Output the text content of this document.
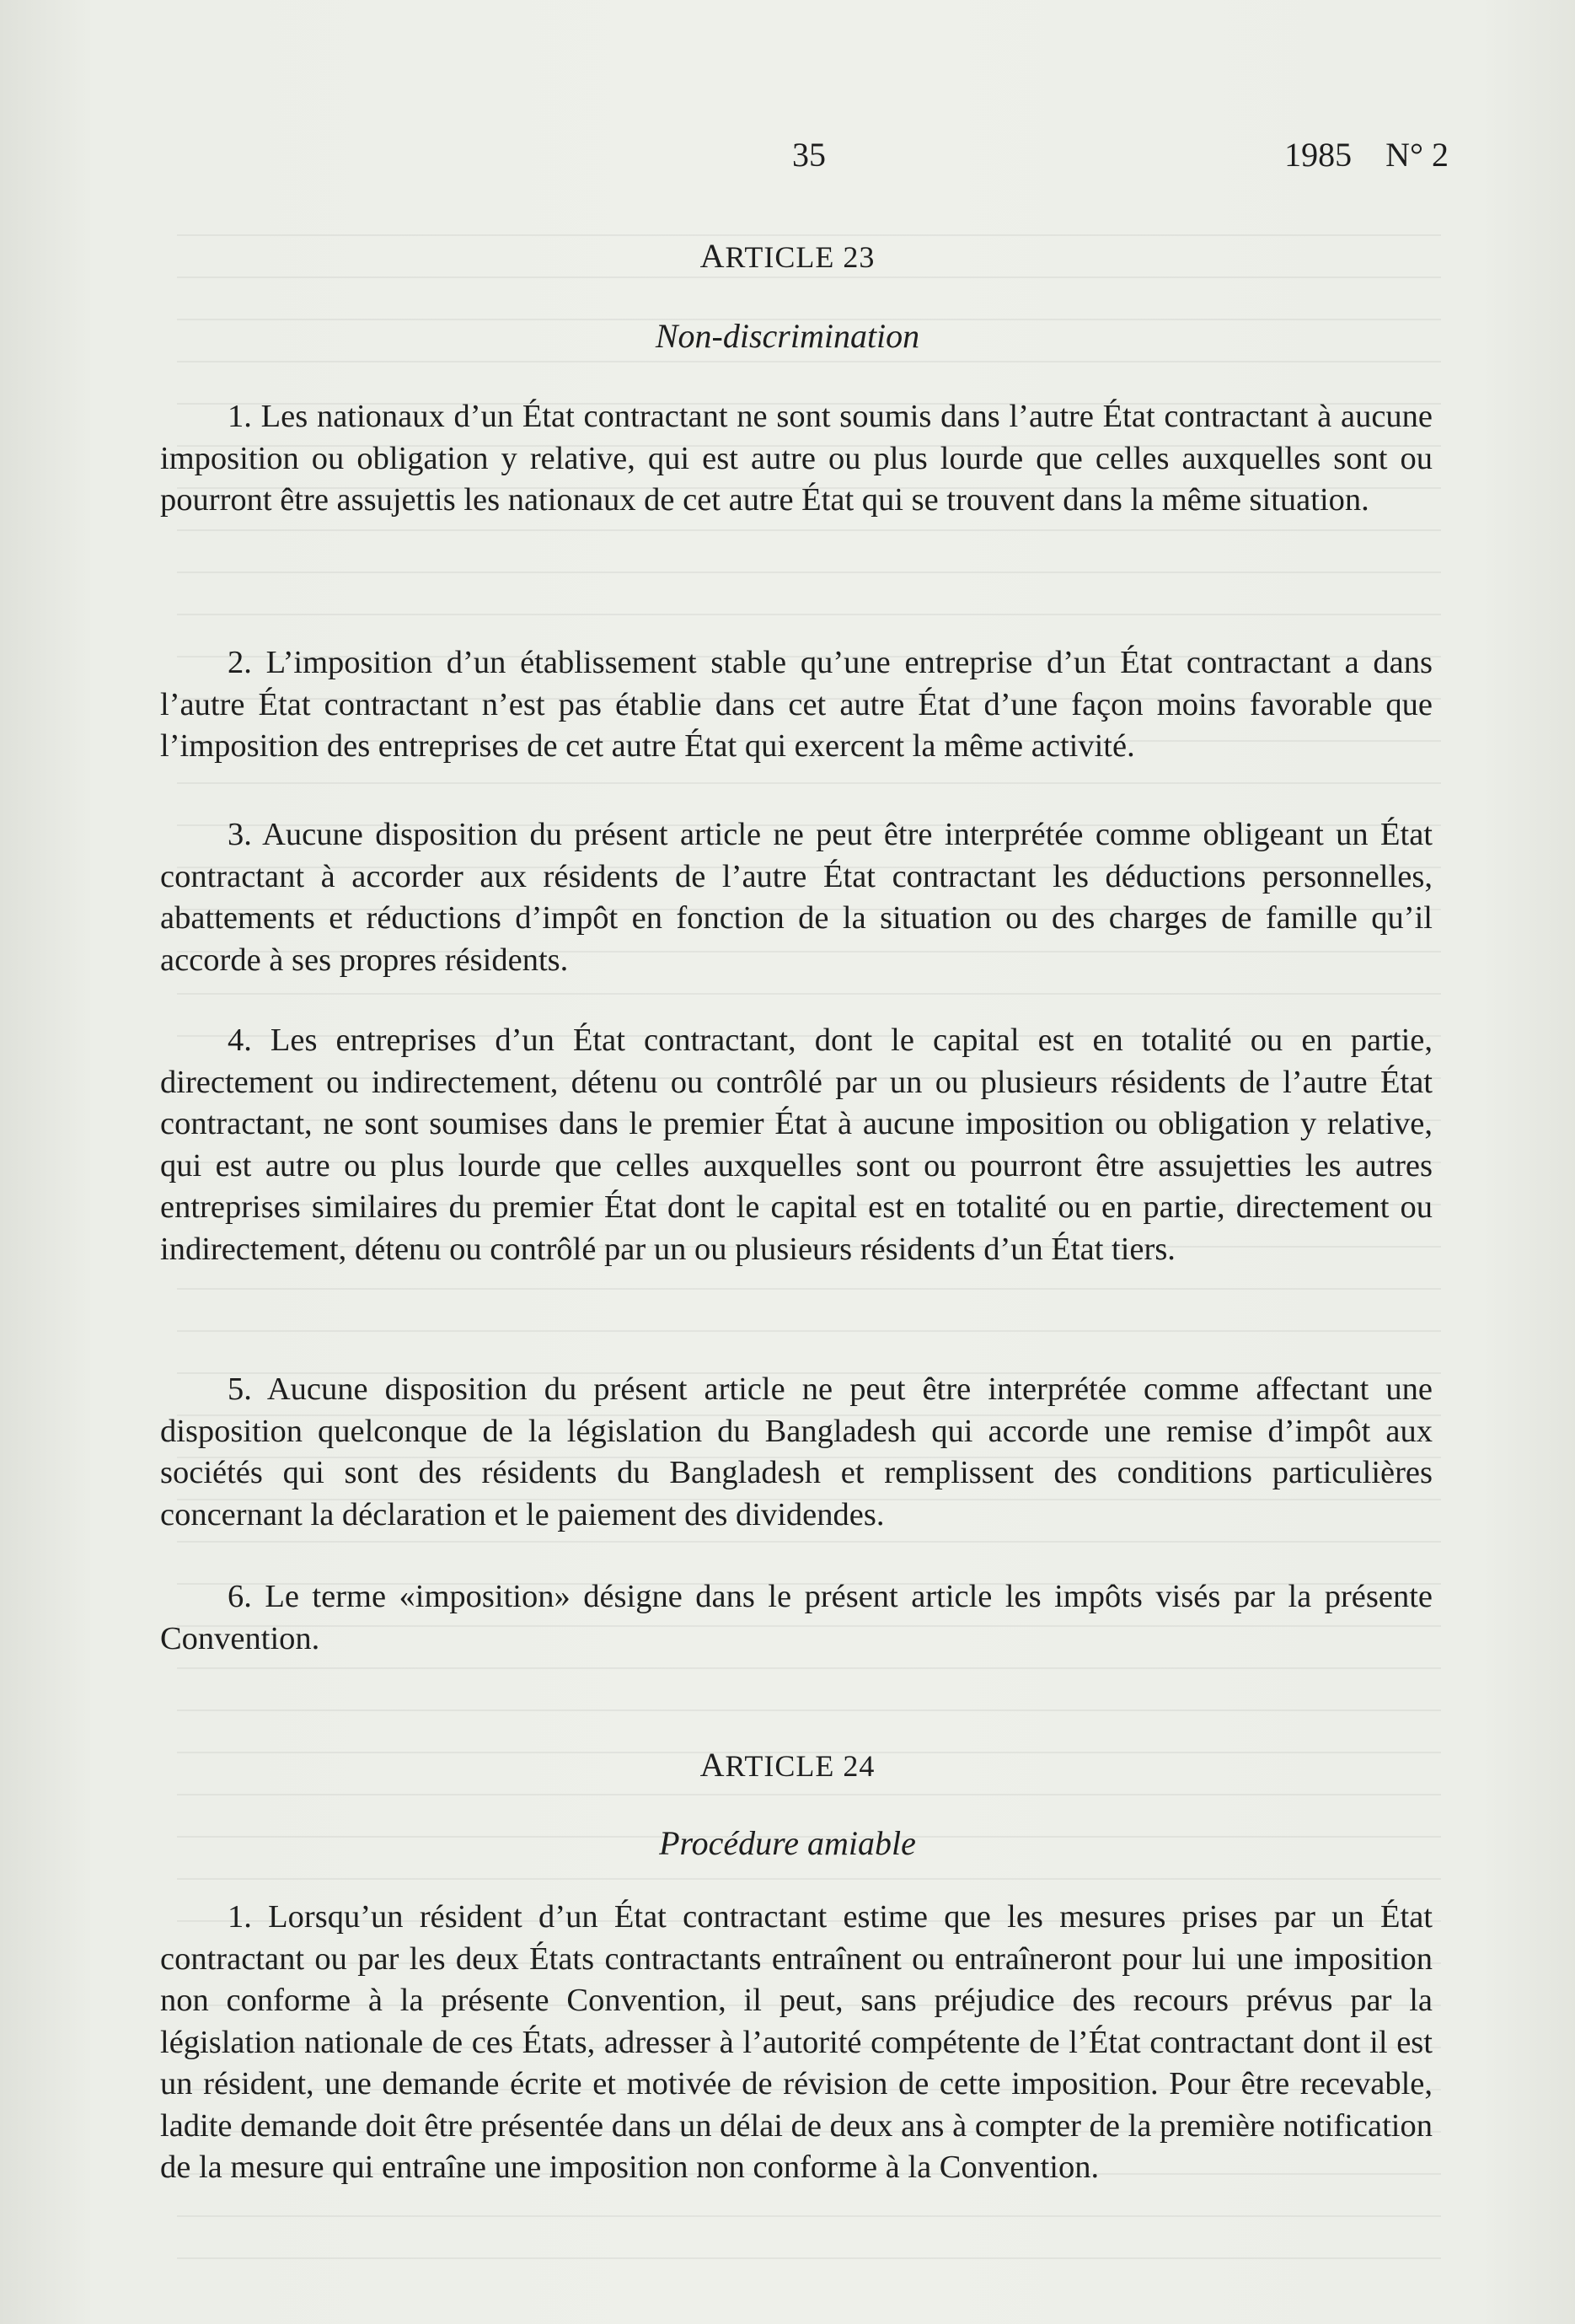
35	1985    N° 2
ARTICLE 23
Non-discrimination

1. Les nationaux d’un État contractant ne sont soumis dans l’autre État contractant à aucune imposition ou obligation y relative, qui est autre ou plus lourde que celles auxquelles sont ou pourront être assujettis les nationaux de cet autre État qui se trouvent dans la même situation.

2. L’imposition d’un établissement stable qu’une entreprise d’un État contractant a dans l’autre État contractant n’est pas établie dans cet autre État d’une façon moins favorable que l’imposition des entreprises de cet autre État qui exercent la même activité.

3. Aucune disposition du présent article ne peut être interprétée comme obligeant un État contractant à accorder aux résidents de l’autre État contractant les déductions personnelles, abattements et réductions d’impôt en fonction de la situation ou des charges de famille qu’il accorde à ses propres résidents.

4. Les entreprises d’un État contractant, dont le capital est en totalité ou en partie, directement ou indirectement, détenu ou contrôlé par un ou plusieurs résidents de l’autre État contractant, ne sont soumises dans le premier État à aucune imposition ou obligation y relative, qui est autre ou plus lourde que celles auxquelles sont ou pourront être assujetties les autres entreprises similaires du premier État dont le capital est en totalité ou en partie, directement ou indirectement, détenu ou contrôlé par un ou plusieurs résidents d’un État tiers.

5. Aucune disposition du présent article ne peut être interprétée comme affectant une disposition quelconque de la législation du Bangladesh qui accorde une remise d’impôt aux sociétés qui sont des résidents du Bangladesh et remplissent des conditions particulières concernant la déclaration et le paiement des dividendes.

6. Le terme «imposition» désigne dans le présent article les impôts visés par la présente Convention.

ARTICLE 24
Procédure amiable

1. Lorsqu’un résident d’un État contractant estime que les mesures prises par un État contractant ou par les deux États contractants entraînent ou entraîneront pour lui une imposition non conforme à la présente Convention, il peut, sans préjudice des recours prévus par la législation nationale de ces États, adresser à l’autorité compétente de l’État contractant dont il est un résident, une demande écrite et motivée de révision de cette imposition. Pour être recevable, ladite demande doit être présentée dans un délai de deux ans à compter de la première notification de la mesure qui entraîne une imposition non conforme à la Convention.
